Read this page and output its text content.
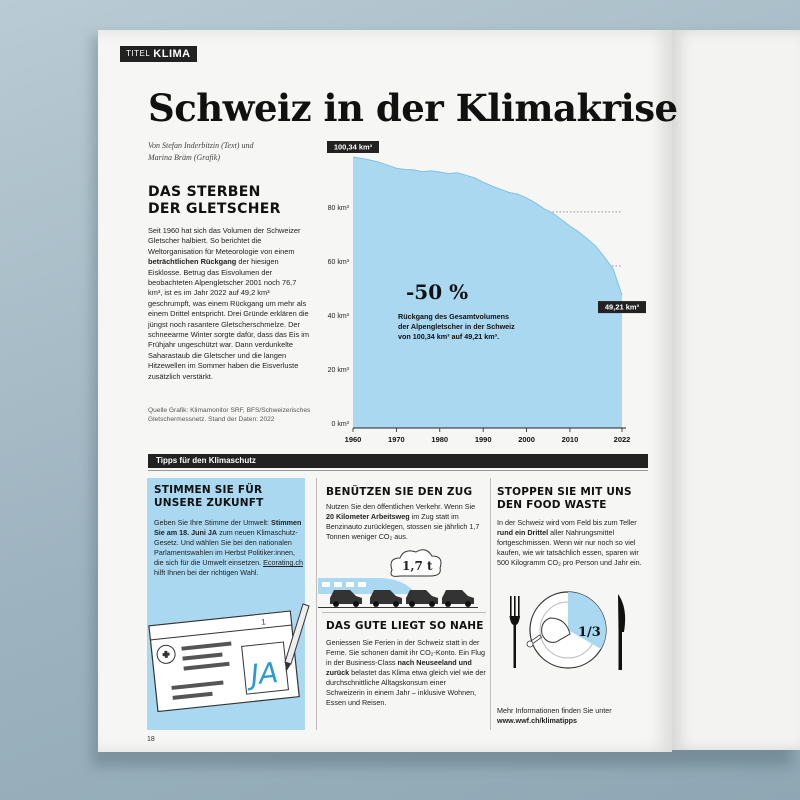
TITEL KLIMA
Schweiz in der Klimakrise
Von Stefan Inderbitzin (Text) und
Marina Bräm (Grafik)
DAS STERBEN
DER GLETSCHER
Seit 1960 hat sich das Volumen der Schweizer Gletscher halbiert. So berichtet die Weltorganisation für Meteorologie von einem beträchtlichen Rückgang der hiesigen Eisklosse. Betrug das Eisvolumen der beobachteten Alpengletscher 2001 noch 76,7 km³, ist es im Jahr 2022 auf 49,2 km³ geschrumpft, was einem Rückgang um mehr als einem Drittel entspricht. Drei Gründe erklären die jüngst noch rasantere Gletscherschmelze. Der schneearme Winter sorgte dafür, dass das Eis im Frühjahr ungeschützt war. Dann verdunkelte Saharastaub die Gletscher und die langen Hitzewellen im Sommer haben die Eisverluste zusätzlich verstärkt.
Quelle Grafik: Klimamonitor SRF, BFS/Schweizerisches
Gletschermessnetz. Stand der Daten: 2022
0 km³
20 km³
40 km³
60 km³
80 km³
1960	1970	1980	1990	2000	2010	2022
100,34 km³
49,21 km³
-50 %
Rückgang des Gesamtvolumens
der Alpengletscher in der Schweiz
von 100,34 km³ auf 49,21 km³.
Tipps für den Klimaschutz
STIMMEN SIE FÜR
UNSERE ZUKUNFT
Geben Sie Ihre Stimme der Umwelt: Stimmen Sie am 18. Juni JA zum neuen Klimaschutz-Gesetz. Und wählen Sie bei den nationalen Parlamentswahlen im Herbst Politiker:innen, die sich für die Umwelt einsetzen. Ecorating.ch hilft Ihnen bei der richtigen Wahl.
1
JA
BENÜTZEN SIE DEN ZUG
Nutzen Sie den öffentlichen Verkehr. Wenn Sie 20 Kilometer Arbeitsweg im Zug statt im Benzinauto zurücklegen, stossen sie jährlich 1,7 Tonnen weniger CO₂ aus.
1,7 t
DAS GUTE LIEGT SO NAHE
Geniessen Sie Ferien in der Schweiz statt in der Ferne. Sie schonen damit ihr CO₂-Konto. Ein Flug in der Business-Class nach Neuseeland und zurück belastet das Klima etwa gleich viel wie der durchschnittliche Alltagskonsum einer Schweizerin in einem Jahr – inklusive Wohnen, Essen und Reisen.
STOPPEN SIE MIT UNS
DEN FOOD WASTE
In der Schweiz wird vom Feld bis zum Teller rund ein Drittel aller Nahrungsmittel fortgeschmissen. Wenn wir nur noch so viel kaufen, wie wir tatsächlich essen, sparen wir 500 Kilogramm CO₂ pro Person und Jahr ein.
1/3
Mehr Informationen finden Sie unter
www.wwf.ch/klimatipps
18
